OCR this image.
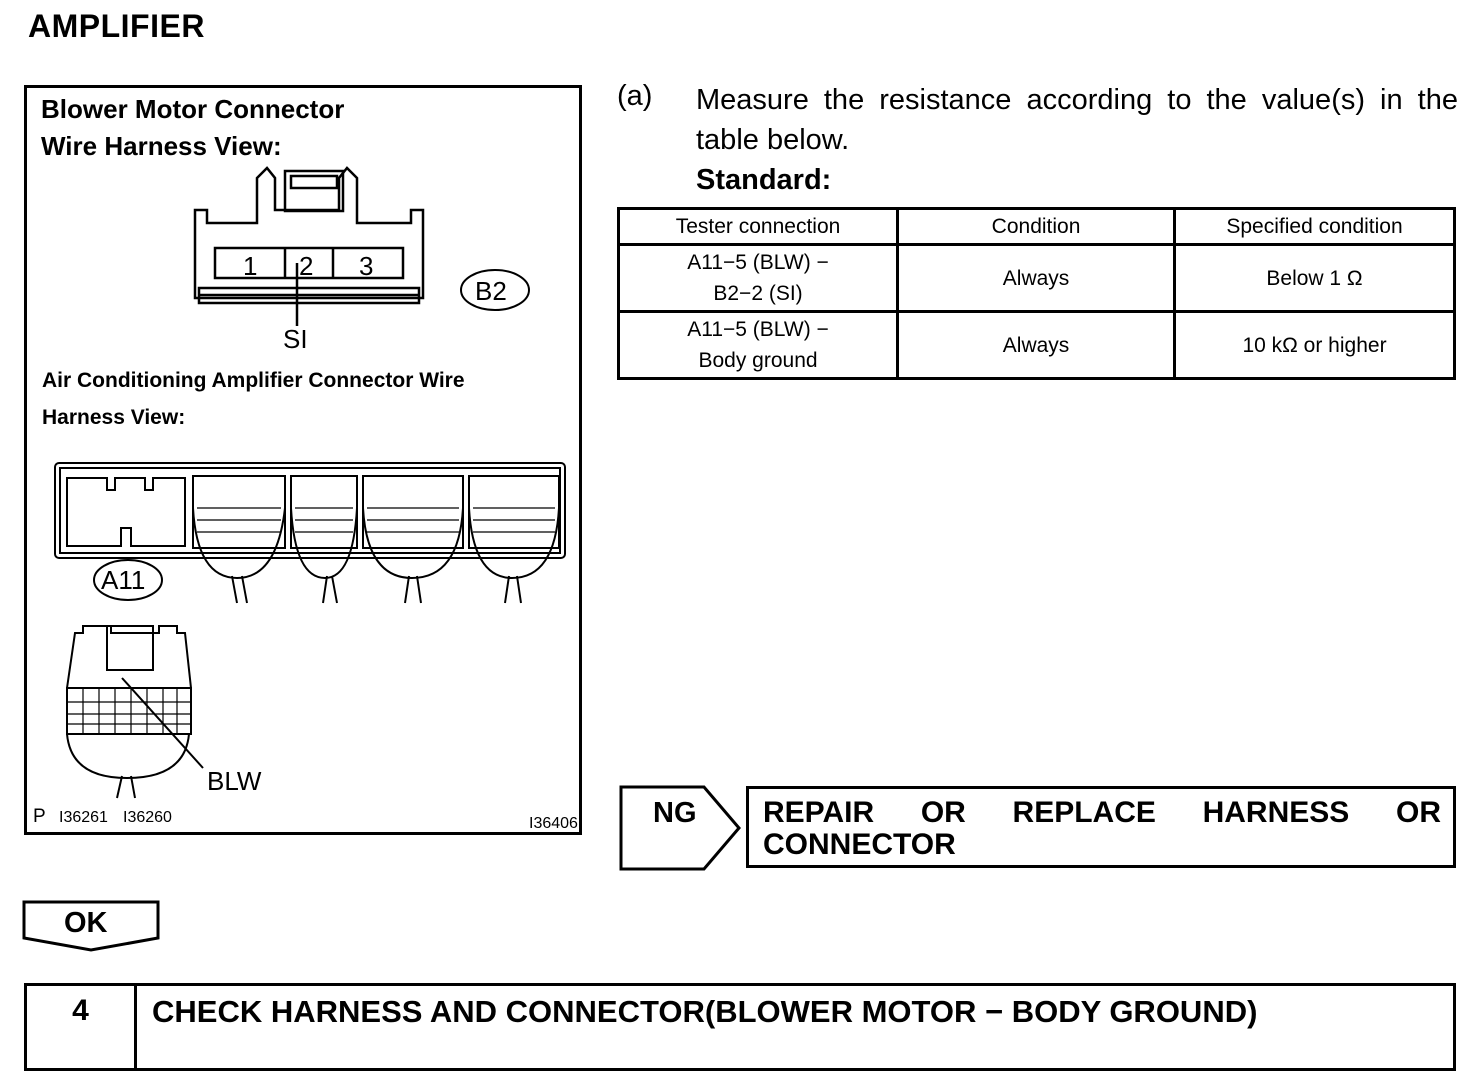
AMPLIFIER
Blower Motor Connector
Wire Harness View:
1 2 3
SI
B2
Air Conditioning Amplifier Connector Wire
Harness View:
A11
BLW
P I36261 I36260	I36406
(a) Measure the resistance according to the value(s) in the
table below.
Standard:
Tester connection	Condition	Specified condition

A11−5 (BLW) −
B2−2 (SI)	Always	Below 1 Ω

A11−5 (BLW) −
Body ground	Always	10 kΩ or higher
NG REPAIR OR REPLACE HARNESS OR CONNECTOR
OK
4	CHECK HARNESS AND CONNECTOR(BLOWER MOTOR − BODY GROUND)
